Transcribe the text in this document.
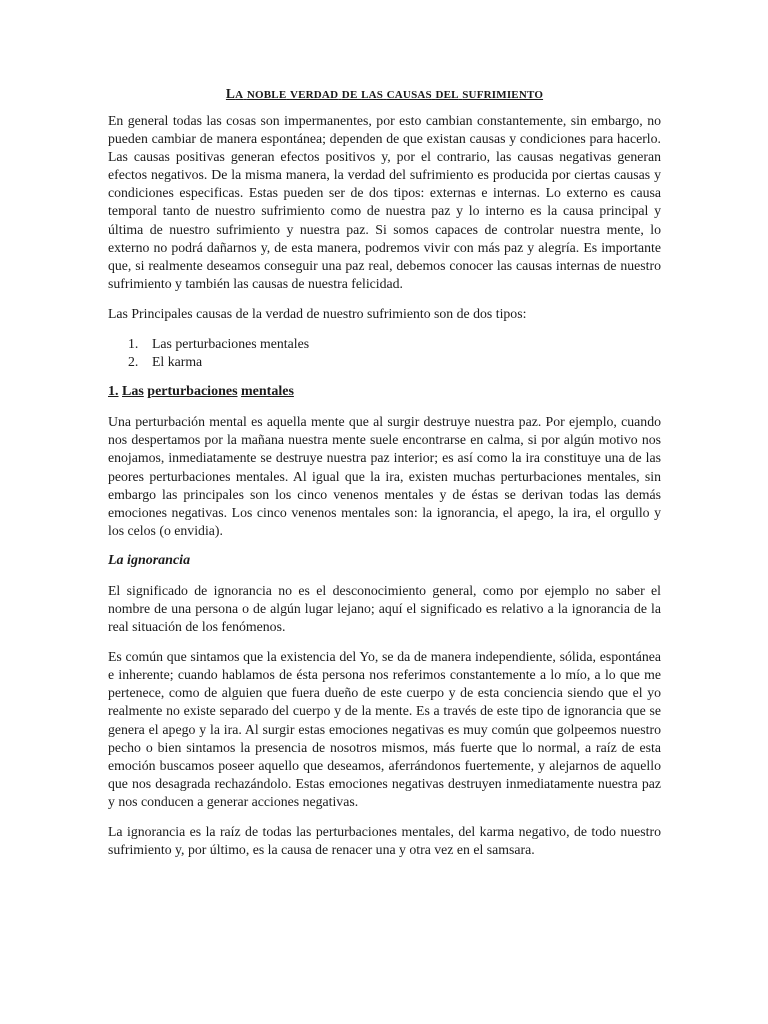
LA NOBLE VERDAD DE LAS CAUSAS DEL SUFRIMIENTO

En general todas las cosas son impermanentes, por esto cambian constantemente, sin embargo, no pueden cambiar de manera espontánea; dependen de que existan causas y condiciones para hacerlo. Las causas positivas generan efectos positivos y, por el contrario, las causas negativas generan efectos negativos. De la misma manera, la verdad del sufrimiento es producida por ciertas causas y condiciones especificas. Estas pueden ser de dos tipos: externas e internas. Lo externo es causa temporal tanto de nuestro sufrimiento como de nuestra paz y lo interno es la causa principal y última de nuestro sufrimiento y nuestra paz. Si somos capaces de controlar nuestra mente, lo externo no podrá dañarnos y, de esta manera, podremos vivir con más paz y alegría. Es importante que, si realmente deseamos conseguir una paz real, debemos conocer las causas internas de nuestro sufrimiento y también las causas de nuestra felicidad.

Las Principales causas de la verdad de nuestro sufrimiento son de dos tipos:

1. Las perturbaciones mentales
2. El karma
1. Las perturbaciones mentales

Una perturbación mental es aquella mente que al surgir destruye nuestra paz. Por ejemplo, cuando nos despertamos por la mañana nuestra mente suele encontrarse en calma, si por algún motivo nos enojamos, inmediatamente se destruye nuestra paz interior; es así como la ira constituye una de las peores perturbaciones mentales. Al igual que la ira, existen muchas perturbaciones mentales, sin embargo las principales son los cinco venenos mentales y de éstas se derivan todas las demás emociones negativas. Los cinco venenos mentales son: la ignorancia, el apego, la ira, el orgullo y los celos (o envidia).

La ignorancia

El significado de ignorancia no es el desconocimiento general, como por ejemplo no saber el nombre de una persona o de algún lugar lejano; aquí el significado es relativo a la ignorancia de la real situación de los fenómenos.

Es común que sintamos que la existencia del Yo, se da de manera independiente, sólida, espontánea e inherente; cuando hablamos de ésta persona nos referimos constantemente a lo mío, a lo que me pertenece, como de alguien que fuera dueño de este cuerpo y de esta conciencia siendo que el yo realmente no existe separado del cuerpo y de la mente. Es a través de este tipo de ignorancia que se genera el apego y la ira. Al surgir estas emociones negativas es muy común que golpeemos nuestro pecho o bien sintamos la presencia de nosotros mismos, más fuerte que lo normal, a raíz de esta emoción buscamos poseer aquello que deseamos, aferrándonos fuertemente, y alejarnos de aquello que nos desagrada rechazándolo. Estas emociones negativas destruyen inmediatamente nuestra paz y nos conducen a generar acciones negativas.

La ignorancia es la raíz de todas las perturbaciones mentales, del karma negativo, de todo nuestro sufrimiento y, por último, es la causa de renacer una y otra vez en el samsara.
